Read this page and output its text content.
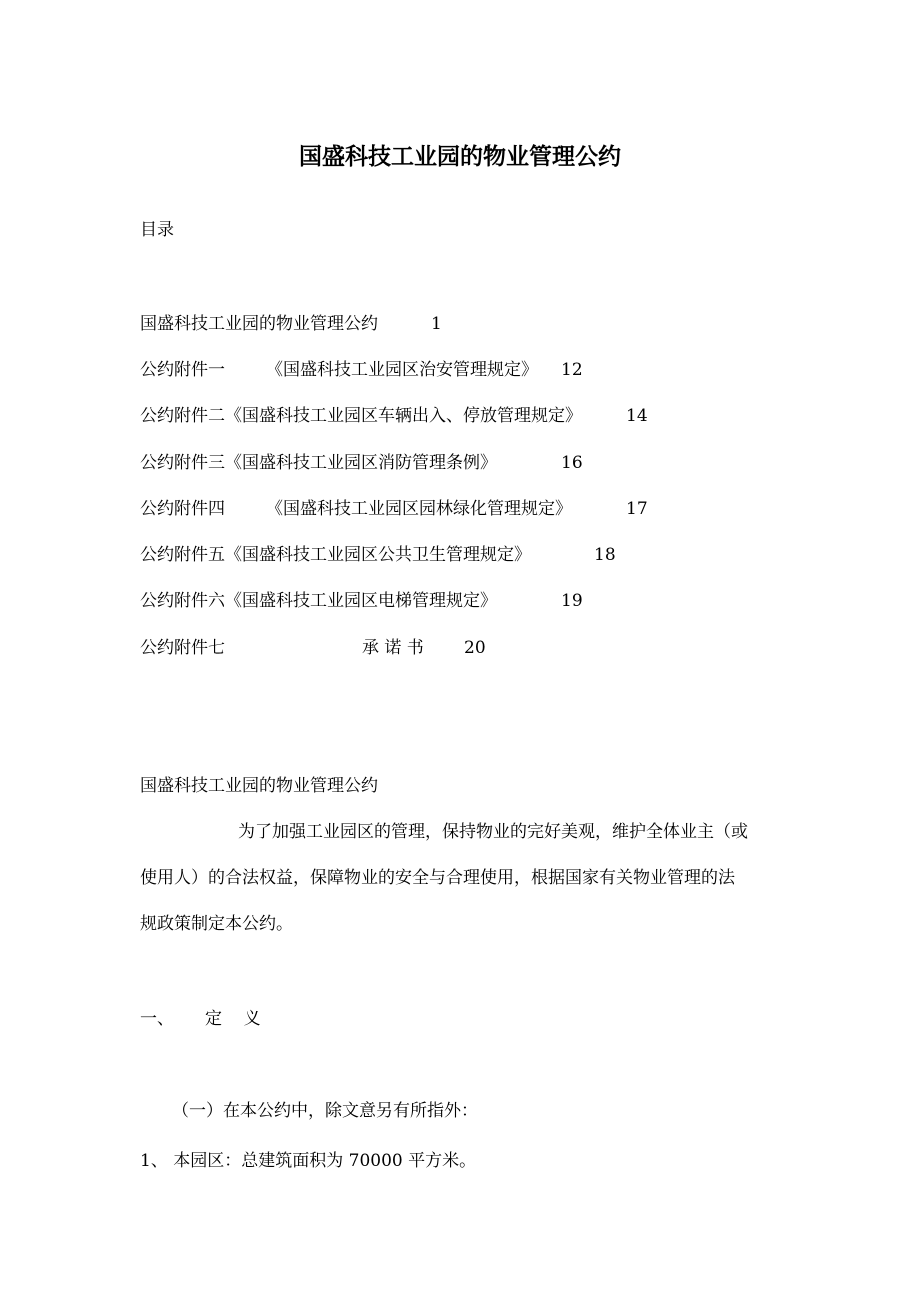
国盛科技工业园的物业管理公约
目录
国盛科技工业园的物业管理公约	1
公约附件一 《国盛科技工业园区治安管理规定》 12
公约附件二《国盛科技工业园区车辆出入、停放管理规定》	14
公约附件三《国盛科技工业园区消防管理条例》	16
公约附件四 《国盛科技工业园区园林绿化管理规定》	17
公约附件五《国盛科技工业园区公共卫生管理规定》	18
公约附件六《国盛科技工业园区电梯管理规定》	19
公约附件七	承 诺 书 20
国盛科技工业园的物业管理公约
为了加强工业园区的管理，保持物业的完好美观，维护全体业主（或
使用人）的合法权益，保障物业的安全与合理使用，根据国家有关物业管理的法
规政策制定本公约。
一、 定    义
（一）在本公约中，除文意另有所指外：
1、 本园区：总建筑面积为 70000 平方米。
